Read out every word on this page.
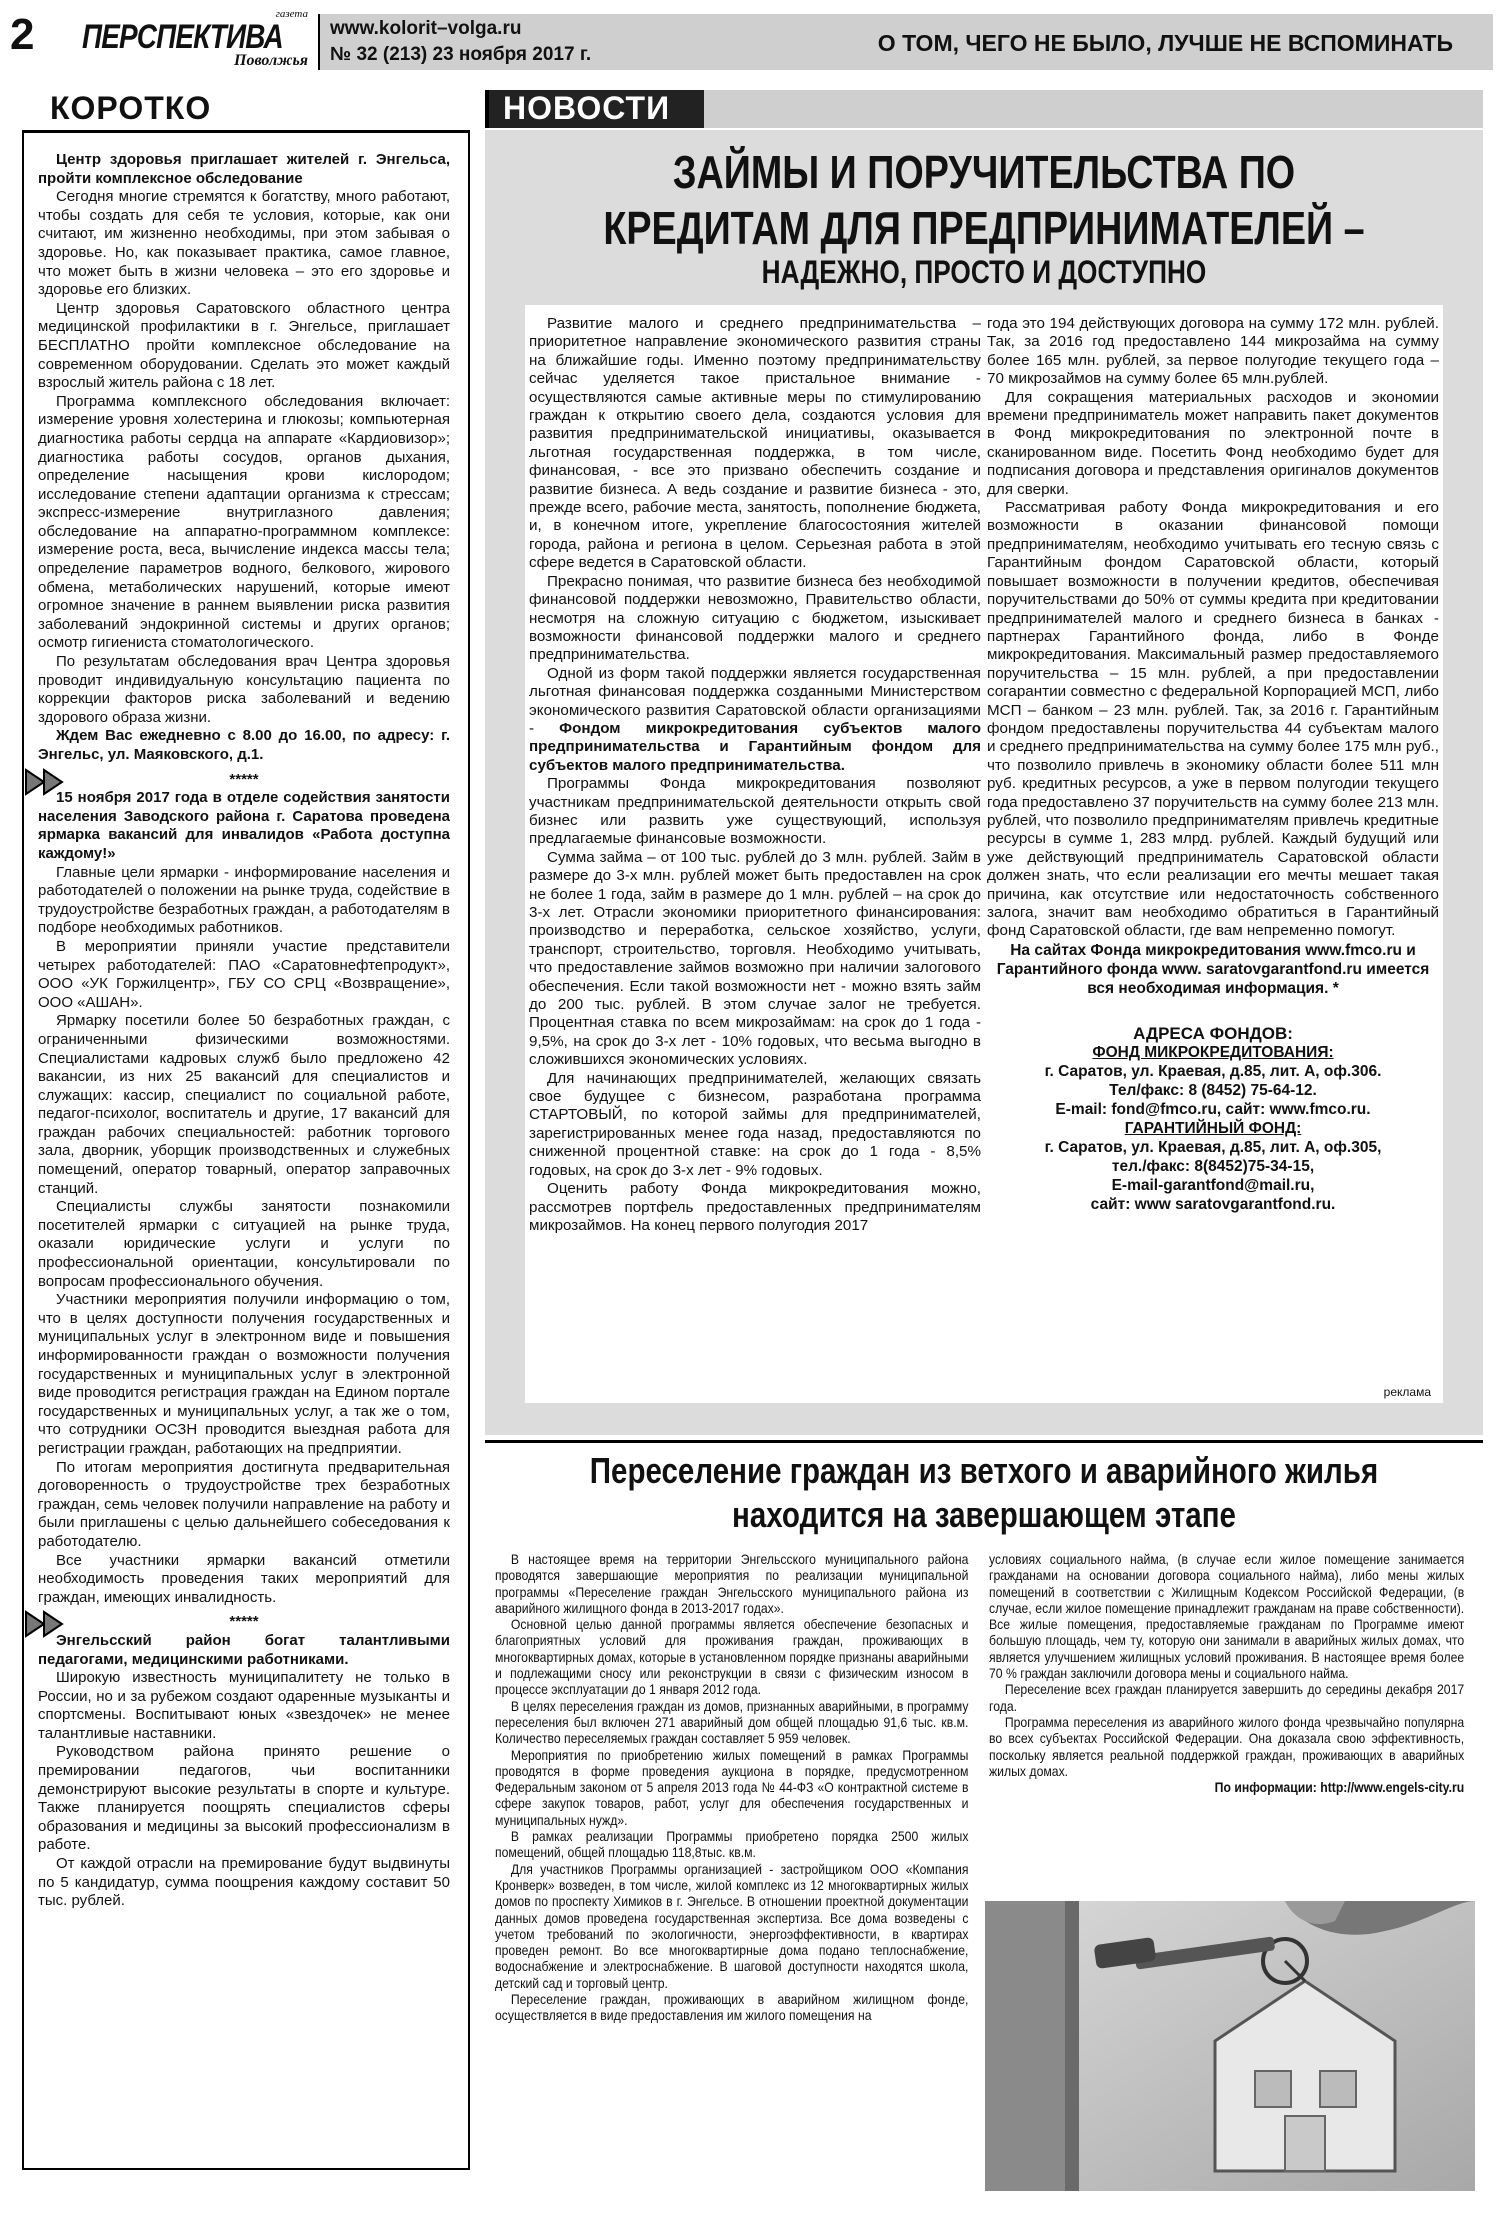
2	газета
ПЕРСПЕКТИВА
Поволжья
www.kolorit–volga.ru
№ 32 (213) 23 ноября 2017 г.	О ТОМ, ЧЕГО НЕ БЫЛО, ЛУЧШЕ НЕ ВСПОМИНАТЬ
КОРОТКО

Центр здоровья приглашает жителей г. Энгельса, пройти комплексное обследование

Сегодня многие стремятся к богатству, много работают, чтобы создать для себя те условия, которые, как они считают, им жизненно необходимы, при этом забывая о здоровье. Но, как показывает практика, самое главное, что может быть в жизни человека – это его здоровье и здоровье его близких.

Центр здоровья Саратовского областного центра медицинской профилактики в г. Энгельсе, приглашает БЕСПЛАТНО пройти комплексное обследование на современном оборудовании. Сделать это может каждый взрослый житель района с 18 лет.

Программа комплексного обследования включает: измерение уровня холестерина и глюкозы; компьютерная диагностика работы сердца на аппарате «Кардиовизор»; диагностика работы сосудов, органов дыхания, определение насыщения крови кислородом; исследование степени адаптации организма к стрессам; экспресс-измерение внутриглазного давления; обследование на аппаратно-программном комплексе: измерение роста, веса, вычисление индекса массы тела; определение параметров водного, белкового, жирового обмена, метаболических нарушений, которые имеют огромное значение в раннем выявлении риска развития заболеваний эндокринной системы и других органов; осмотр гигиениста стоматологического.

По результатам обследования врач Центра здоровья проводит индивидуальную консультацию пациента по коррекции факторов риска заболеваний и ведению здорового образа жизни.

Ждем Вас ежедневно с 8.00 до 16.00, по адресу: г. Энгельс, ул. Маяковского, д.1.

*****

15 ноября 2017 года в отделе содействия занятости населения Заводского района г. Саратова проведена ярмарка вакансий для инвалидов «Работа доступна каждому!»

Главные цели ярмарки - информирование населения и работодателей о положении на рынке труда, содействие в трудоустройстве безработных граждан, а работодателям в подборе необходимых работников.

В мероприятии приняли участие представители четырех работодателей: ПАО «Саратовнефтепродукт», ООО «УК Горжилцентр», ГБУ СО СРЦ «Возвращение», ООО «АШАН».

Ярмарку посетили более 50 безработных граждан, с ограниченными физическими возможностями. Специалистами кадровых служб было предложено 42 вакансии, из них 25 вакансий для специалистов и служащих: кассир, специалист по социальной работе, педагог-психолог, воспитатель и другие, 17 вакансий для граждан рабочих специальностей: работник торгового зала, дворник, уборщик производственных и служебных помещений, оператор товарный, оператор заправочных станций.

Специалисты службы занятости познакомили посетителей ярмарки с ситуацией на рынке труда, оказали юридические услуги и услуги по профессиональной ориентации, консультировали по вопросам профессионального обучения.

Участники мероприятия получили информацию о том, что в целях доступности получения государственных и муниципальных услуг в электронном виде и повышения информированности граждан о возможности получения государственных и муниципальных услуг в электронной виде проводится регистрация граждан на Едином портале государственных и муниципальных услуг, а так же о том, что сотрудники ОСЗН проводится выездная работа для регистрации граждан, работающих на предприятии.

По итогам мероприятия достигнута предварительная договоренность о трудоустройстве трех безработных граждан, семь человек получили направление на работу и были приглашены с целью дальнейшего собеседования к работодателю.

Все участники ярмарки вакансий отметили необходимость проведения таких мероприятий для граждан, имеющих инвалидность.

*****

Энгельсский район богат талантливыми педагогами, медицинскими работниками.

Широкую известность муниципалитету не только в России, но и за рубежом создают одаренные музыканты и спортсмены. Воспитывают юных «звездочек» не менее талантливые наставники.

Руководством района принято решение о премировании педагогов, чьи воспитанники демонстрируют высокие результаты в спорте и культуре. Также планируется поощрять специалистов сферы образования и медицины за высокий профессионализм в работе.

От каждой отрасли на премирование будут выдвинуты по 5 кандидатур, сумма поощрения каждому составит 50 тыс. рублей.

НОВОСТИ
ЗАЙМЫ И ПОРУЧИТЕЛЬСТВА ПО КРЕДИТАМ ДЛЯ ПРЕДПРИНИМАТЕЛЕЙ –
НАДЕЖНО, ПРОСТО И ДОСТУПНО

Развитие малого и среднего предпринимательства – приоритетное направление экономического развития страны на ближайшие годы. Именно поэтому предпринимательству сейчас уделяется такое пристальное внимание - осуществляются самые активные меры по стимулированию граждан к открытию своего дела, создаются условия для развития предпринимательской инициативы, оказывается льготная государственная поддержка, в том числе, финансовая, - все это призвано обеспечить создание и развитие бизнеса. А ведь создание и развитие бизнеса - это, прежде всего, рабочие места, занятость, пополнение бюджета, и, в конечном итоге, укрепление благосостояния жителей города, района и региона в целом. Серьезная работа в этой сфере ведется в Саратовской области.

Прекрасно понимая, что развитие бизнеса без необходимой финансовой поддержки невозможно, Правительство области, несмотря на сложную ситуацию с бюджетом, изыскивает возможности финансовой поддержки малого и среднего предпринимательства.

Одной из форм такой поддержки является государственная льготная финансовая поддержка созданными Министерством экономического развития Саратовской области организациями - Фондом микрокредитования субъектов малого предпринимательства и Гарантийным фондом для субъектов малого предпринимательства.

Программы Фонда микрокредитования позволяют участникам предпринимательской деятельности открыть свой бизнес или развить уже существующий, используя предлагаемые финансовые возможности.

Сумма займа – от 100 тыс. рублей до 3 млн. рублей. Займ в размере до 3-х млн. рублей может быть предоставлен на срок не более 1 года, займ в размере до 1 млн. рублей – на срок до 3-х лет. Отрасли экономики приоритетного финансирования: производство и переработка, сельское хозяйство, услуги, транспорт, строительство, торговля. Необходимо учитывать, что предоставление займов возможно при наличии залогового обеспечения. Если такой возможности нет - можно взять займ до 200 тыс. рублей. В этом случае залог не требуется. Процентная ставка по всем микрозаймам: на срок до 1 года - 9,5%, на срок до 3-х лет - 10% годовых, что весьма выгодно в сложившихся экономических условиях.

Для начинающих предпринимателей, желающих связать свое будущее с бизнесом, разработана программа СТАРТОВЫЙ, по которой займы для предпринимателей, зарегистрированных менее года назад, предоставляются по сниженной процентной ставке: на срок до 1 года - 8,5% годовых, на срок до 3-х лет - 9% годовых.

Оценить работу Фонда микрокредитования можно, рассмотрев портфель предоставленных предпринимателям микрозаймов. На конец первого полугодия 2017

года это 194 действующих договора на сумму 172 млн. рублей. Так, за 2016 год предоставлено 144 микрозайма на сумму более 165 млн. рублей, за первое полугодие текущего года – 70 микрозаймов на сумму более 65 млн.рублей.

Для сокращения материальных расходов и экономии времени предприниматель может направить пакет документов в Фонд микрокредитования по электронной почте в сканированном виде. Посетить Фонд необходимо будет для подписания договора и представления оригиналов документов для сверки.

Рассматривая работу Фонда микрокредитования и его возможности в оказании финансовой помощи предпринимателям, необходимо учитывать его тесную связь с Гарантийным фондом Саратовской области, который повышает возможности в получении кредитов, обеспечивая поручительствами до 50% от суммы кредита при кредитовании предпринимателей малого и среднего бизнеса в банках - партнерах Гарантийного фонда, либо в Фонде микрокредитования. Максимальный размер предоставляемого поручительства – 15 млн. рублей, а при предоставлении согарантии совместно с федеральной Корпорацией МСП, либо МСП – банком – 23 млн. рублей. Так, за 2016 г. Гарантийным фондом предоставлены поручительства 44 субъектам малого и среднего предпринимательства на сумму более 175 млн руб., что позволило привлечь в экономику области более 511 млн руб. кредитных ресурсов, а уже в первом полугодии текущего года предоставлено 37 поручительств на сумму более 213 млн. рублей, что позволило предпринимателям привлечь кредитные ресурсы в сумме 1, 283 млрд. рублей. Каждый будущий или уже действующий предприниматель Саратовской области должен знать, что если реализации его мечты мешает такая причина, как отсутствие или недостаточность собственного залога, значит вам необходимо обратиться в Гарантийный фонд Саратовской области, где вам непременно помогут.

На сайтах Фонда микрокредитования www.fmco.ru и Гарантийного фонда www. saratovgarantfond.ru имеется вся необходимая информация. *
АДРЕСА ФОНДОВ:
ФОНД МИКРОКРЕДИТОВАНИЯ:
г. Саратов, ул. Краевая, д.85, лит. А, оф.306.
Тел/факс: 8 (8452) 75-64-12.
E-mail: fond@fmco.ru, сайт: www.fmco.ru.
ГАРАНТИЙНЫЙ ФОНД:
г. Саратов, ул. Краевая, д.85, лит. А, оф.305,
тел./факс: 8(8452)75-34-15,
E-mail-garantfond@mail.ru,
сайт: www saratovgarantfond.ru.
реклама
Переселение граждан из ветхого и аварийного жилья находится на завершающем этапе

В настоящее время на территории Энгельсского муниципального района проводятся завершающие мероприятия по реализации муниципальной программы «Переселение граждан Энгельсского муниципального района из аварийного жилищного фонда в 2013-2017 годах».

Основной целью данной программы является обеспечение безопасных и благоприятных условий для проживания граждан, проживающих в многоквартирных домах, которые в установленном порядке признаны аварийными и подлежащими сносу или реконструкции в связи с физическим износом в процессе эксплуатации до 1 января 2012 года.

В целях переселения граждан из домов, признанных аварийными, в программу переселения был включен 271 аварийный дом общей площадью 91,6 тыс. кв.м. Количество переселяемых граждан составляет 5 959 человек.

Мероприятия по приобретению жилых помещений в рамках Программы проводятся в форме проведения аукциона в порядке, предусмотренном Федеральным законом от 5 апреля 2013 года № 44-ФЗ «О контрактной системе в сфере закупок товаров, работ, услуг для обеспечения государственных и муниципальных нужд».

В рамках реализации Программы приобретено порядка 2500 жилых помещений, общей площадью 118,8тыс. кв.м.

Для участников Программы организацией - застройщиком ООО «Компания Кронверк» возведен, в том числе, жилой комплекс из 12 многоквартирных жилых домов по проспекту Химиков в г. Энгельсе. В отношении проектной документации данных домов проведена государственная экспертиза. Все дома возведены с учетом требований по экологичности, энергоэффективности, в квартирах проведен ремонт. Во все многоквартирные дома подано теплоснабжение, водоснабжение и электроснабжение. В шаговой доступности находятся школа, детский сад и торговый центр.

Переселение граждан, проживающих в аварийном жилищном фонде, осуществляется в виде предоставления им жилого помещения на

условиях социального найма, (в случае если жилое помещение занимается гражданами на основании договора социального найма), либо мены жилых помещений в соответствии с Жилищным Кодексом Российской Федерации, (в случае, если жилое помещение принадлежит гражданам на праве собственности). Все жилые помещения, предоставляемые гражданам по Программе имеют большую площадь, чем ту, которую они занимали в аварийных жилых домах, что является улучшением жилищных условий проживания. В настоящее время более 70 % граждан заключили договора мены и социального найма.

Переселение всех граждан планируется завершить до середины декабря 2017 года.

Программа переселения из аварийного жилого фонда чрезвычайно популярна во всех субъектах Российской Федерации. Она доказала свою эффективность, поскольку является реальной поддержкой граждан, проживающих в аварийных жилых домах.

По информации: http://www.engels-city.ru
